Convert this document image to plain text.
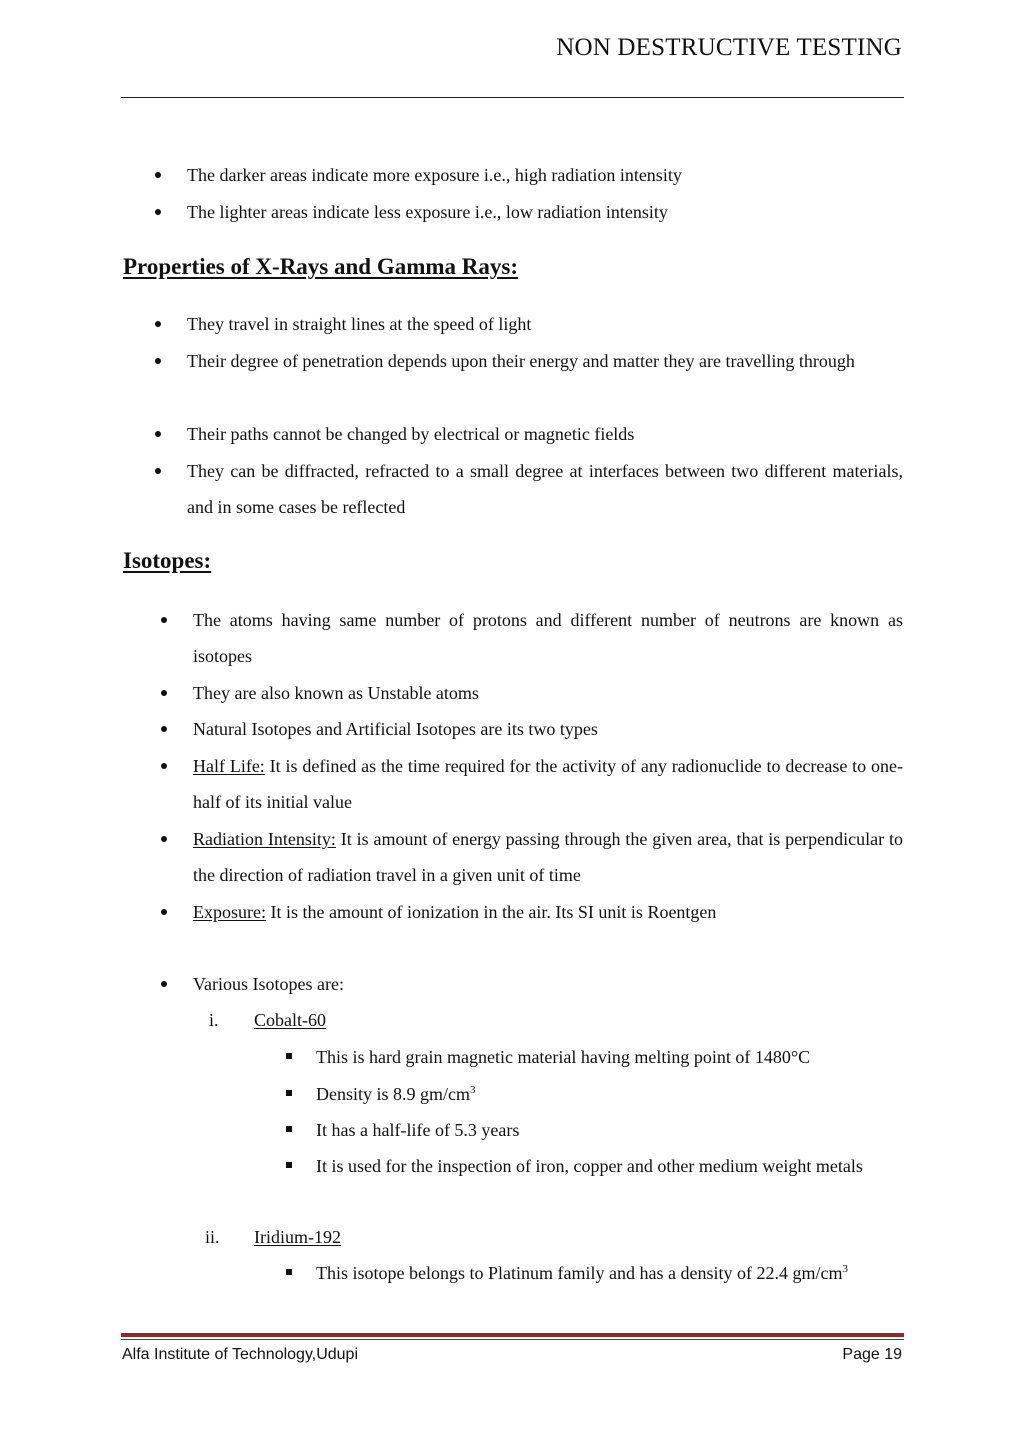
NON DESTRUCTIVE TESTING
The darker areas indicate more exposure i.e., high radiation intensity
The lighter areas indicate less exposure i.e., low radiation intensity
Properties of X-Rays and Gamma Rays:
They travel in straight lines at the speed of light
Their degree of penetration depends upon their energy and matter they are travelling through
Their paths cannot be changed by electrical or magnetic fields
They can be diffracted, refracted to a small degree at interfaces between two different materials, and in some cases be reflected
Isotopes:
The atoms having same number of protons and different number of neutrons are known as isotopes
They are also known as Unstable atoms
Natural Isotopes and Artificial Isotopes are its two types
Half Life: It is defined as the time required for the activity of any radionuclide to decrease to one-half of its initial value
Radiation Intensity: It is amount of energy passing through the given area, that is perpendicular to the direction of radiation travel in a given unit of time
Exposure: It is the amount of ionization in the air. Its SI unit is Roentgen
Various Isotopes are:
i. Cobalt-60
This is hard grain magnetic material having melting point of 1480°C
Density is 8.9 $gm/cm^3$
It has a half-life of 5.3 years
It is used for the inspection of iron, copper and other medium weight metals
ii. Iridium-192
This isotope belongs to Platinum family and has a density of 22.4 $gm/cm^3$
Alfa Institute of Technology,Udupi	Page 19
